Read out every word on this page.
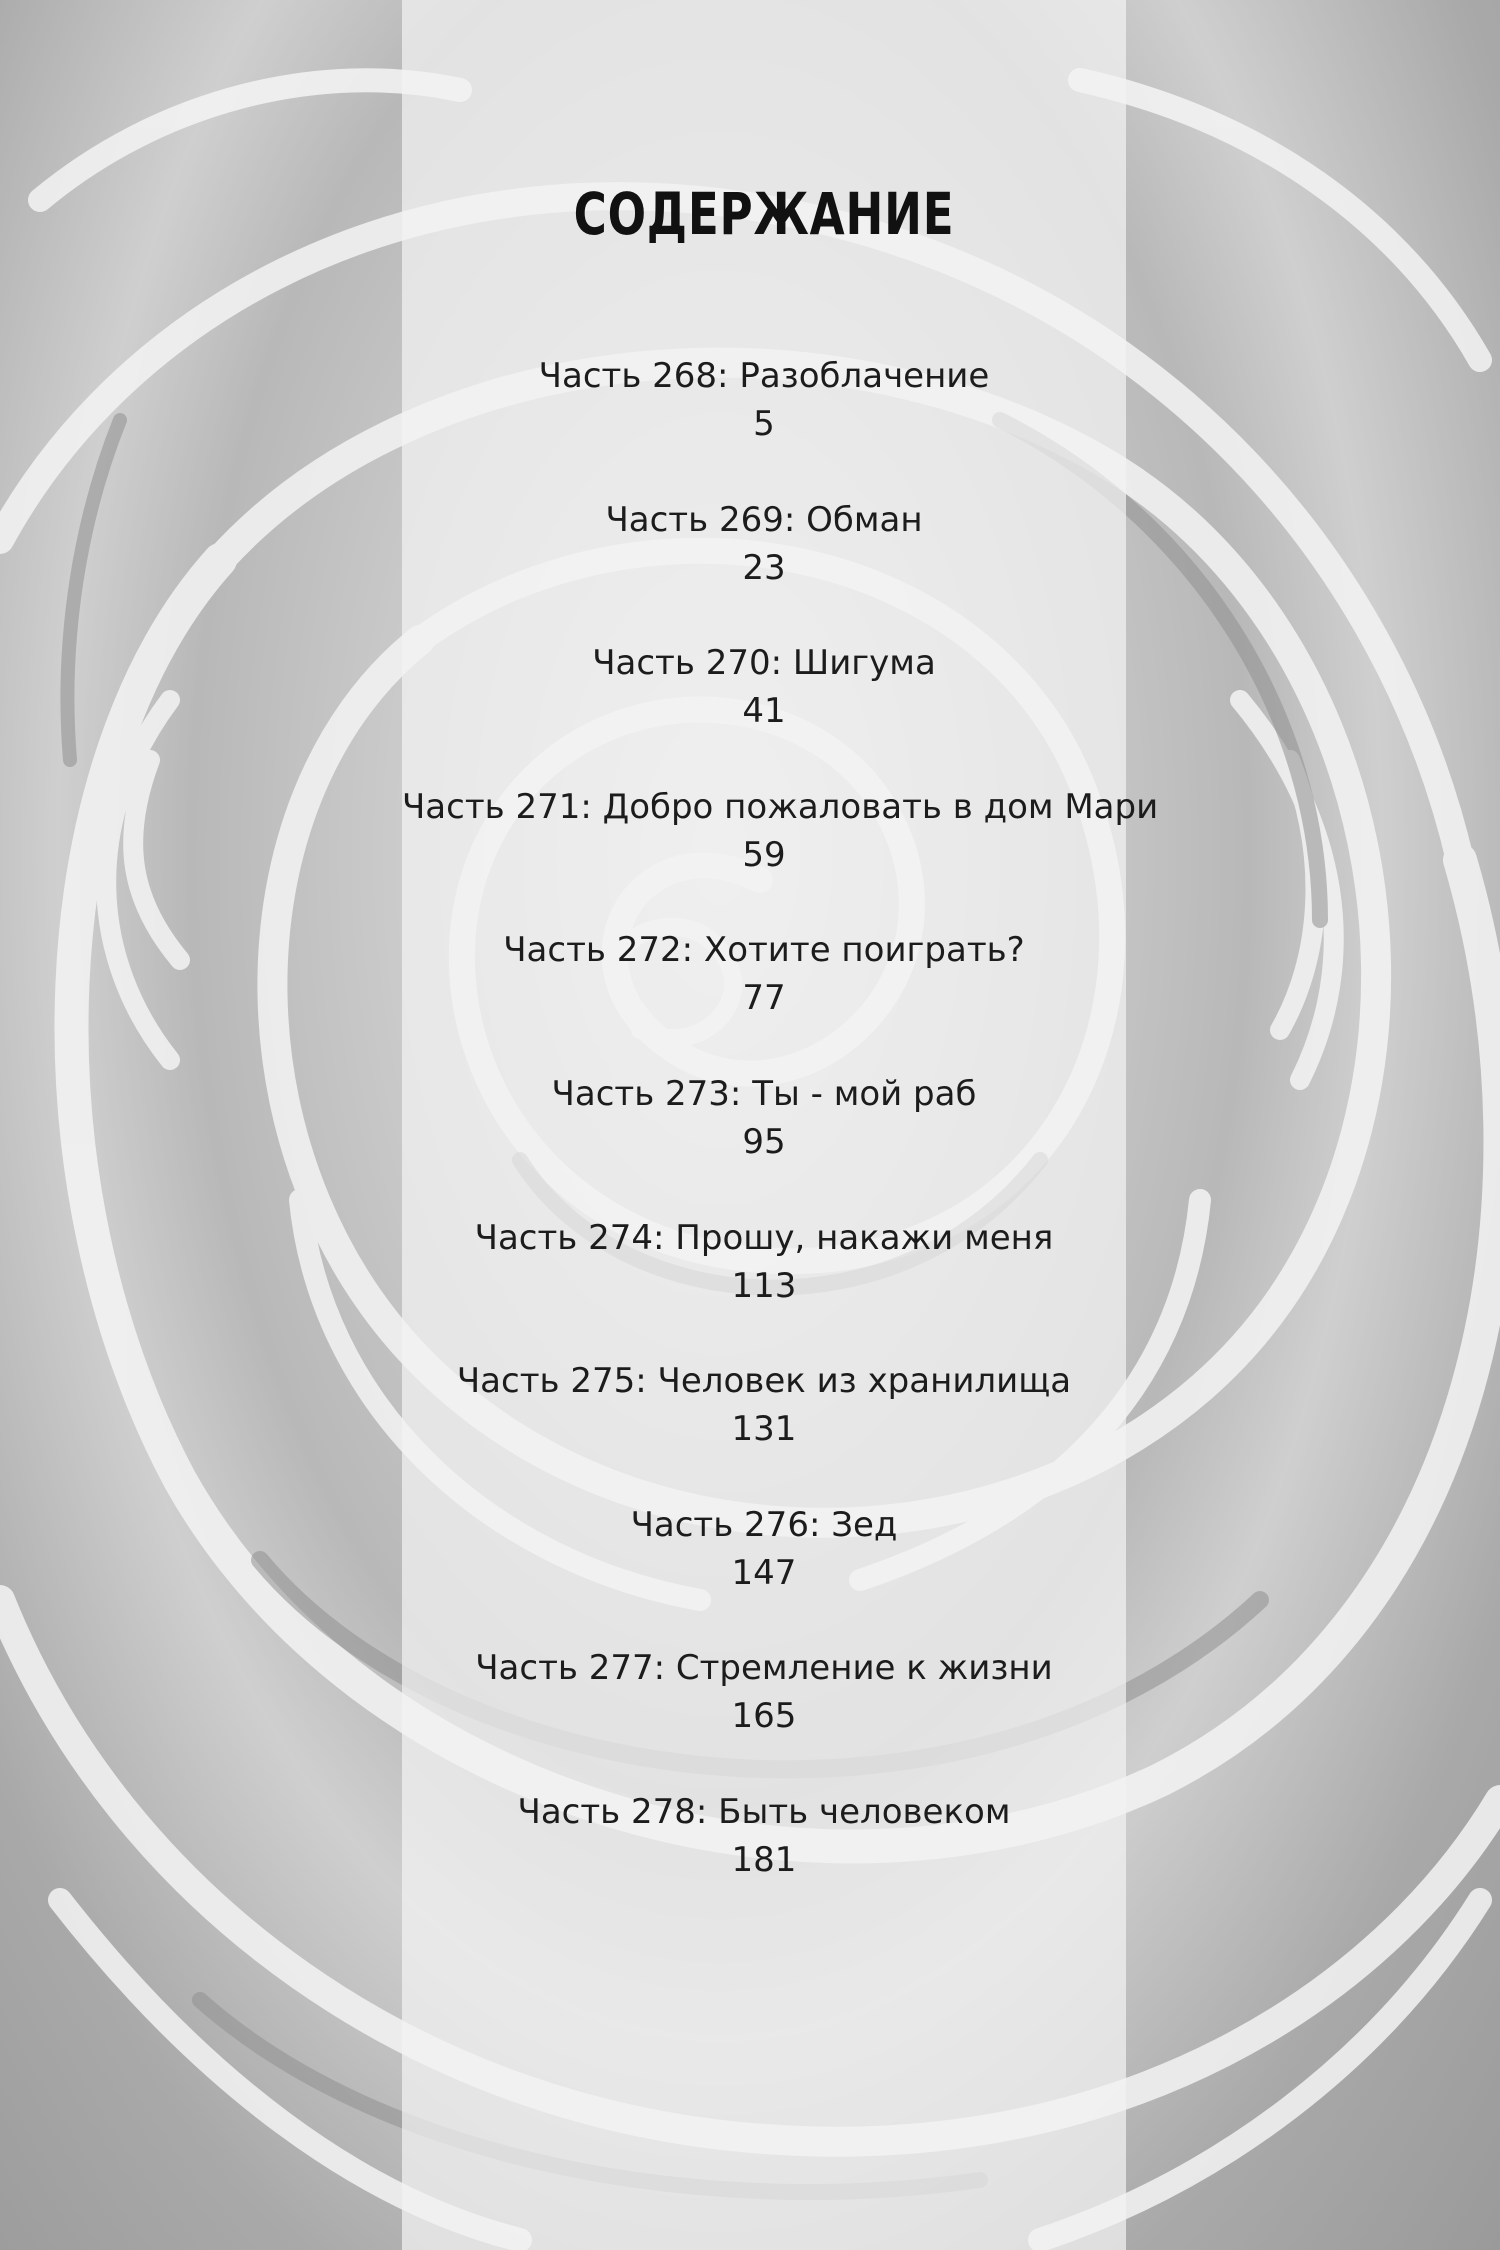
СОДЕРЖАНИЕ
Часть 268: Разоблачение
5
Часть 269: Обман
23
Часть 270: Шигума
41
Часть 271: Добро пожаловать в дом Мари
59
Часть 272: Хотите поиграть?
77
Часть 273: Ты - мой раб
95
Часть 274: Прошу, накажи меня
113
Часть 275: Человек из хранилища
131
Часть 276: Зед
147
Часть 277: Стремление к жизни
165
Часть 278: Быть человеком
181
